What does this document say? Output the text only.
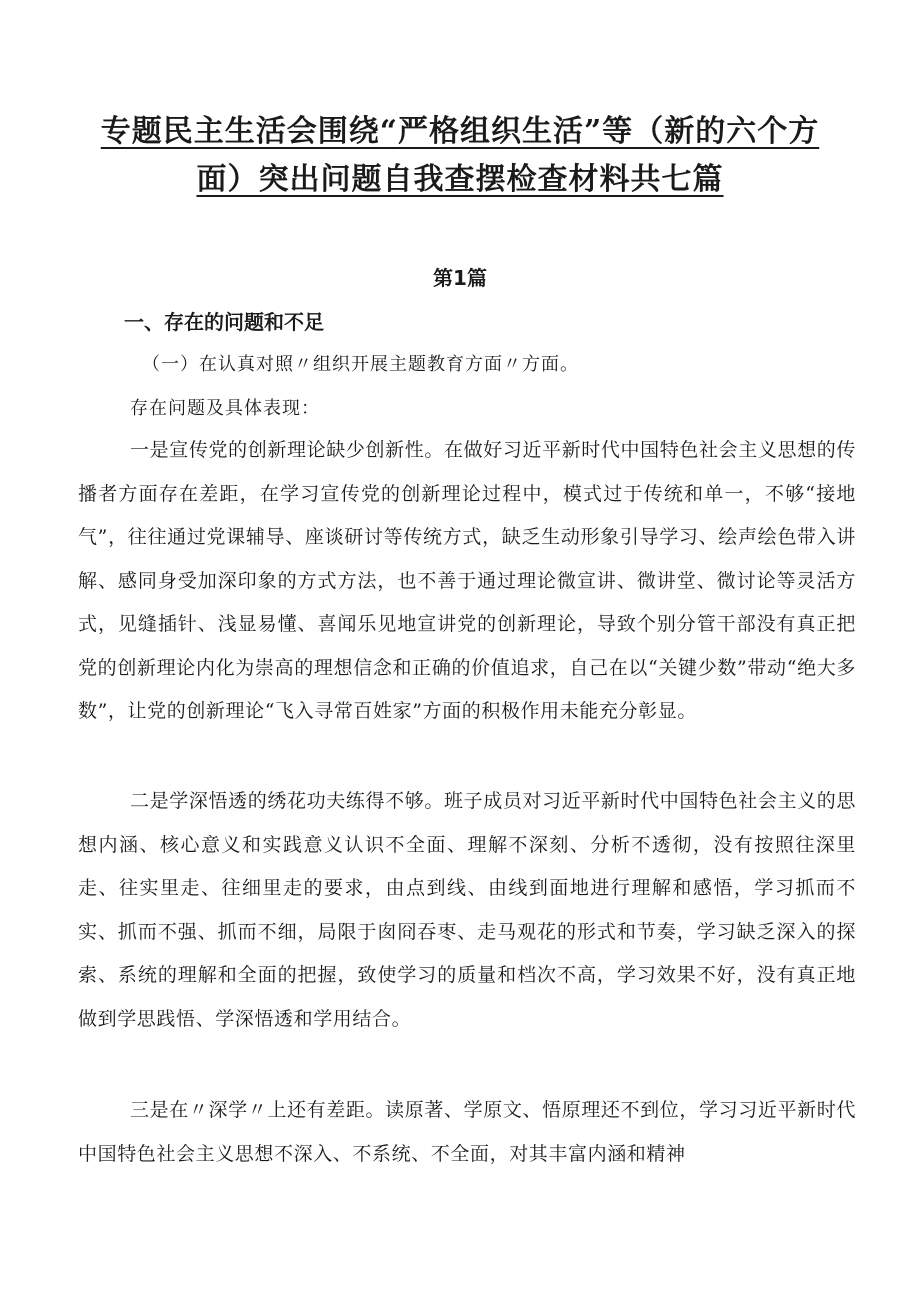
专题民主生活会围绕“严格组织生活”等（新的六个方
面）突出问题自我查摆检查材料共七篇
第1篇
一、存在的问题和不足
（一）在认真对照〃组织开展主题教育方面〃方面。
存在问题及具体表现：
一是宣传党的创新理论缺少创新性。在做好习近平新时代中国特色社会主义思想的传播者方面存在差距，在学习宣传党的创新理论过程中，模式过于传统和单一，不够“接地气”，往往通过党课辅导、座谈研讨等传统方式，缺乏生动形象引导学习、绘声绘色带入讲解、感同身受加深印象的方式方法，也不善于通过理论微宣讲、微讲堂、微讨论等灵活方式，见缝插针、浅显易懂、喜闻乐见地宣讲党的创新理论，导致个别分管干部没有真正把党的创新理论内化为崇高的理想信念和正确的价值追求，自己在以“关键少数”带动“绝大多数”，让党的创新理论“飞入寻常百姓家”方面的积极作用未能充分彰显。
二是学深悟透的绣花功夫练得不够。班子成员对习近平新时代中国特色社会主义的思想内涵、核心意义和实践意义认识不全面、理解不深刻、分析不透彻，没有按照往深里走、往实里走、往细里走的要求，由点到线、由线到面地进行理解和感悟，学习抓而不实、抓而不强、抓而不细，局限于囱冏吞枣、走马观花的形式和节奏，学习缺乏深入的探索、系统的理解和全面的把握，致使学习的质量和档次不高，学习效果不好，没有真正地做到学思践悟、学深悟透和学用结合。
三是在〃深学〃上还有差距。读原著、学原文、悟原理还不到位，学习习近平新时代中国特色社会主义思想不深入、不系统、不全面，对其丰富内涵和精神
